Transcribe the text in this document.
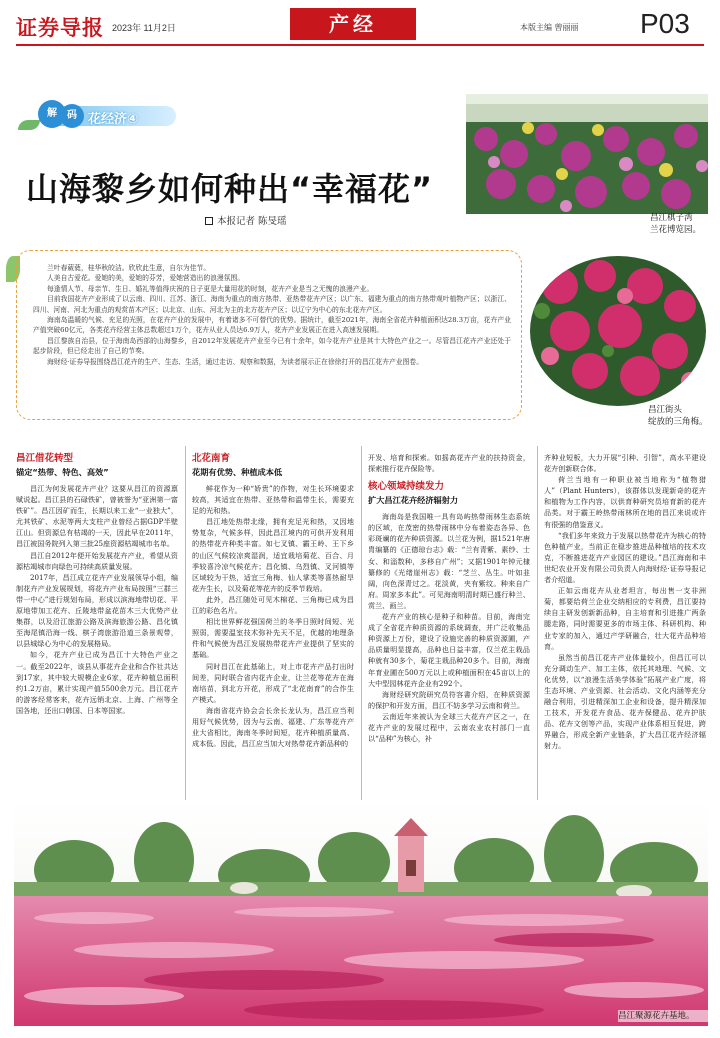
证券导报 2023年 11月2日	产经	本版主编 曾丽丽 P03
解	码 花经济④
山海黎乡如何种出“幸福花”
本报记者 陈旻瑶	昌江棋子湾
兰花博览园。
昌江街头
绽放的三角梅。

兰叶春葳蕤，桂华秋皎洁。欣欣此生意，自尔为佳节。

人美自古爱花。爱她的美，爱她的芬芳，爱她营造出的浪漫氛围。

每逢情人节、母亲节、生日、婚礼等值得庆祝的日子更是大量用花的时刻，花卉产业是当之无愧的浪漫产业。

目前我国花卉产业形成了以云南、四川、江苏、浙江、海南为重点的南方热带、亚热带花卉产区；以广东、福建为重点的南方热带观叶植物产区；以浙江、四川、河南、河北为重点的观赏苗木产区；以北京、山东、河北为主的北方花卉产区；以辽宁为中心的东北花卉产区。

海南岛温暖的气候、充足的光照，在花卉产业的发展中，有着诸多不可替代的优势。据统计，截至2021年，海南全省花卉种植面积达28.3万亩，花卉产业产值突破60亿元，各类花卉经营主体总数超过1万个，花卉从业人员达6.9万人，花卉产业发展正在进入高速发展期。

昌江黎族自治县，位于海南岛西部的山海黎乡，自2012年发展花卉产业至今已有十余年，如今花卉产业是其十大特色产业之一。尽管昌江花卉产业还处于起步阶段，但已经走出了自己的节奏。

海财经·证券导报围绕昌江花卉的生产、生态、生活，通过走访、观察和数据，为读者展示正在徐徐打开的昌江花卉产业图卷。

昌江借花转型
锚定“热带、特色、高效”

昌江为何发展花卉产业？这要从昌江的资源禀赋说起。昌江县的石碌铁矿，曾被誉为“亚洲第一富铁矿”。昌江因矿而生，长期以来工业“一业独大”，尤其铁矿、水泥等两大支柱产业曾经占据GDP半壁江山。但资源总有枯竭的一天，因此早在2011年，昌江被国务院列入第三批25座资源枯竭城市名单。

昌江自2012年便开始发展花卉产业，希望从资源枯竭城市向绿色可持续高质量发展。

2017年，昌江成立花卉产业发展领导小组，编制花卉产业发展规划，将花卉产业布局按照“三群三带一中心”进行规划布局，形成以滨海地带切花、平原地带加工花卉、丘陵地带盆花苗木三大优势产业集群，以及沿江旅游公路及滨海旅游公路、昌化镇至海尾镇沿海一线、棋子湾旅游沿道三条景观带，以县城绿心为中心的发展格局。

如今，花卉产业已成为昌江十大特色产业之一。截至2022年，该县从事花卉企业和合作社共达到17家，其中较大规模企业6家，花卉种植总面积约1.2万亩，累计实现产值5500余万元。昌江花卉的游客经常客来，花卉远销北京、上海、广州等全国各地，还出口韩国、日本等国家。

北花南育
花期有优势、种植成本低

鲜花作为一种“娇贵”的作物，对生长环境要求较高，其适宜在热带、亚热带和温带生长，需要充足的光和热。

昌江地处热带北缘，拥有充足光和热，又因地势复杂，气候多样，因此昌江境内的可供开发利用的热带花卉种类丰富。如七叉镇、霸王岭、王下乡的山区气候较凉爽湿润，适宜栽培菊花、百合、月季较喜冷凉气候花卉；昌化镇、乌烈镇、叉河镇等区域较为干热，适宜三角梅、仙人掌类等喜热耐旱花卉生长，以及菊花等花卉的反季节栽培。

此外，昌江随处可见木棉花、三角梅已成为昌江的彩色名片。

相比世界鲜花强国荷兰的冬季日照时间短、光照弱，需要温室技术弥补先天不足，优越的地理条件和气候使为昌江发展热带花卉产业提供了坚实的基础。

同时昌江在此基础上，对上市花卉产品打出时间差，同时联合省内花卉企业，让兰花等花卉在海南培苗，到北方开花，形成了“北花南育”的合作生产模式。

海南省花卉协会会长余长龙认为，昌江应当利用好气候优势，因为与云南、福建、广东等花卉产业大省相比，海南冬季时间短，花卉种植质量高、成本低。因此，昌江应当加大对热带花卉新品种的

开发、培育和探索。如摇高花卉产业的扶持资金，探索推行花卉保险等。

核心领域持续发力
扩大昌江花卉经济辐射力

海南岛是我国唯一具有岛屿热带雨林生态系统的区域，在茂密的热带雨林中分布着姿态各异、色彩斑斓的花卉种质资源。以兰花为例，据1521年唐胄编纂的《正德琼台志》载：“兰有青紫、素纱、士女、和淄数种，多移自广州”；又据1901年钟元棣纂修的《光绪崖州志》载：“芝兰、丛生。叶如韭阔，向色深青过之。花淡黄，夹有紫纹。种来自广府。周家多本此”。可见海南明清时期已盛行种兰、赏兰、画兰。

花卉产业的核心是种子和种苗。目前，海南完成了全省花卉种质资源的系统调查，并广泛收集品种资源上万份，建设了设施完善的种质资源圃，产品质量明显提高，品种也日益丰富，仅兰花主栽品种就有30多个，菊花主栽品种20多个。目前，海南年育业圃在500万元以上或种植面积在45亩以上的大中型园林花卉企业有292个。

海财经研究院研究员符容書介绍，在种质资源的保护和开发方面，昌江不妨多学习云南和荷兰。

云南近年来被认为全球三大花卉产区之一，在花卉产业的发展过程中，云南农业农村部门一直以“品种”为核心，补

齐种业短板，大力开展“引种、引智”，高水平建设花卉创新联合体。

荷兰当地有一种职业被当地称为“植物猎人”（Plant Hunters），该群体以发现新奇的花卉和植物为工作内容，以供育种研究员培育新的花卉品类。对于霸王岭热带雨林所在地的昌江来说或许有很强的借鉴意义。

“我们多年来致力于发展以热带花卉为核心的特色种植产业，当前正在稳步推进品种植培的技术攻克，不断推进花卉产业园区的建设。”昌江海南和丰世纪农业开发有限公司负责人向海财经·证券导报记者介绍道。

正如云南花卉从业者坦言，每出售一支非洲菊，都要给荷兰企业交纳相应的专利费，昌江要持续自主研发创新新品种，自主培育和引进推广两条腿走路，同时需要更多的市场主体、科研机构、种业专家的加入，通过产学研融合，壮大花卉品种培育。

虽然当前昌江花卉产业体量较小，但昌江可以充分调动生产、加工主体，依托其地理、气候、文化优势，以“浪漫生活美学体验”拓展产业广度，将生态环境、产业资源、社会活动、文化内涵等充分融合利用，引进精深加工企业和设备，提升精深加工技术，开发花卉食品、花卉保健品、花卉护肤品、花卉文创等产品，实现产业体系相互促进，跨界融合，形成全新产业链条，扩大昌江花卉经济辐射力。

昌江聚源花卉基地。
